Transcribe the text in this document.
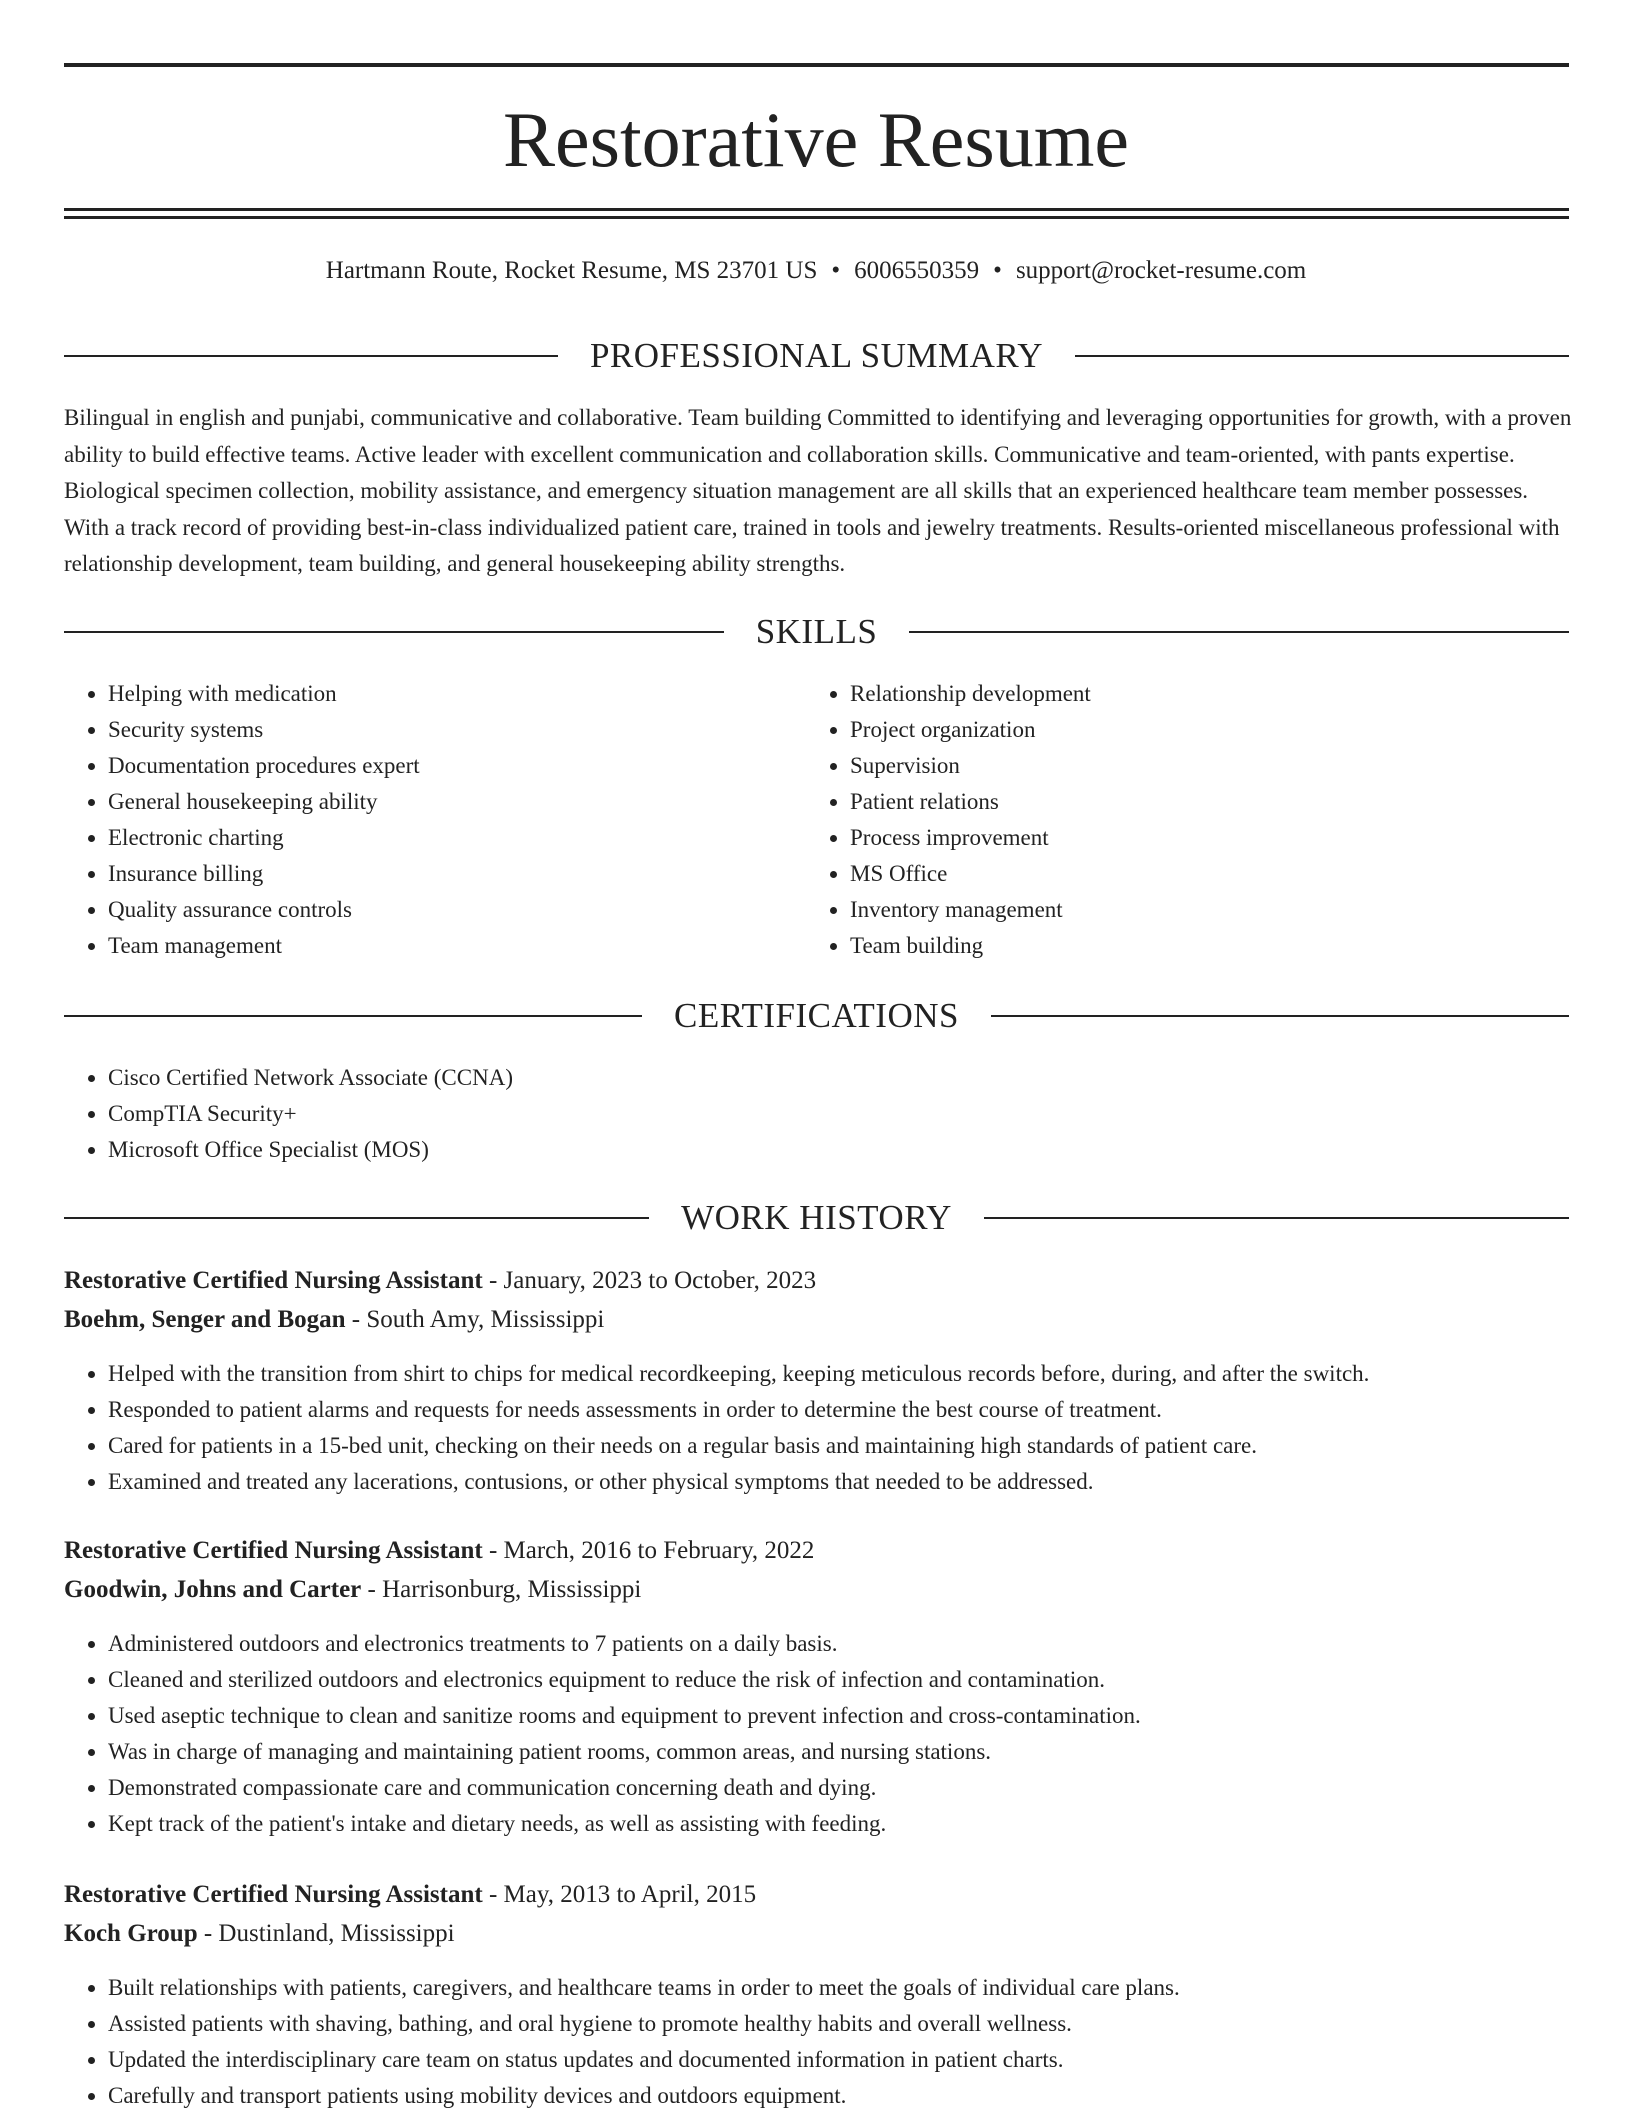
Restorative Resume
Hartmann Route, Rocket Resume, MS 23701 US • 6006550359 • support@rocket-resume.com
PROFESSIONAL SUMMARY

Bilingual in english and punjabi, communicative and collaborative. Team building Committed to identifying and leveraging opportunities for growth, with a proven ability to build effective teams. Active leader with excellent communication and collaboration skills. Communicative and team-oriented, with pants expertise. Biological specimen collection, mobility assistance, and emergency situation management are all skills that an experienced healthcare team member possesses. With a track record of providing best-in-class individualized patient care, trained in tools and jewelry treatments. Results-oriented miscellaneous professional with relationship development, team building, and general housekeeping ability strengths.

SKILLS
• Helping with medication
• Security systems
• Documentation procedures expert
• General housekeeping ability
• Electronic charting
• Insurance billing
• Quality assurance controls
• Team management
• Relationship development
• Project organization
• Supervision
• Patient relations
• Process improvement
• MS Office
• Inventory management
• Team building
CERTIFICATIONS
• Cisco Certified Network Associate (CCNA)
• CompTIA Security+
• Microsoft Office Specialist (MOS)
WORK HISTORY
Restorative Certified Nursing Assistant - January, 2023 to October, 2023
Boehm, Senger and Bogan - South Amy, Mississippi
• Helped with the transition from shirt to chips for medical recordkeeping, keeping meticulous records before, during, and after the switch.
• Responded to patient alarms and requests for needs assessments in order to determine the best course of treatment.
• Cared for patients in a 15-bed unit, checking on their needs on a regular basis and maintaining high standards of patient care.
• Examined and treated any lacerations, contusions, or other physical symptoms that needed to be addressed.
Restorative Certified Nursing Assistant - March, 2016 to February, 2022
Goodwin, Johns and Carter - Harrisonburg, Mississippi
• Administered outdoors and electronics treatments to 7 patients on a daily basis.
• Cleaned and sterilized outdoors and electronics equipment to reduce the risk of infection and contamination.
• Used aseptic technique to clean and sanitize rooms and equipment to prevent infection and cross-contamination.
• Was in charge of managing and maintaining patient rooms, common areas, and nursing stations.
• Demonstrated compassionate care and communication concerning death and dying.
• Kept track of the patient's intake and dietary needs, as well as assisting with feeding.
Restorative Certified Nursing Assistant - May, 2013 to April, 2015
Koch Group - Dustinland, Mississippi
• Built relationships with patients, caregivers, and healthcare teams in order to meet the goals of individual care plans.
• Assisted patients with shaving, bathing, and oral hygiene to promote healthy habits and overall wellness.
• Updated the interdisciplinary care team on status updates and documented information in patient charts.
• Carefully and transport patients using mobility devices and outdoors equipment.
